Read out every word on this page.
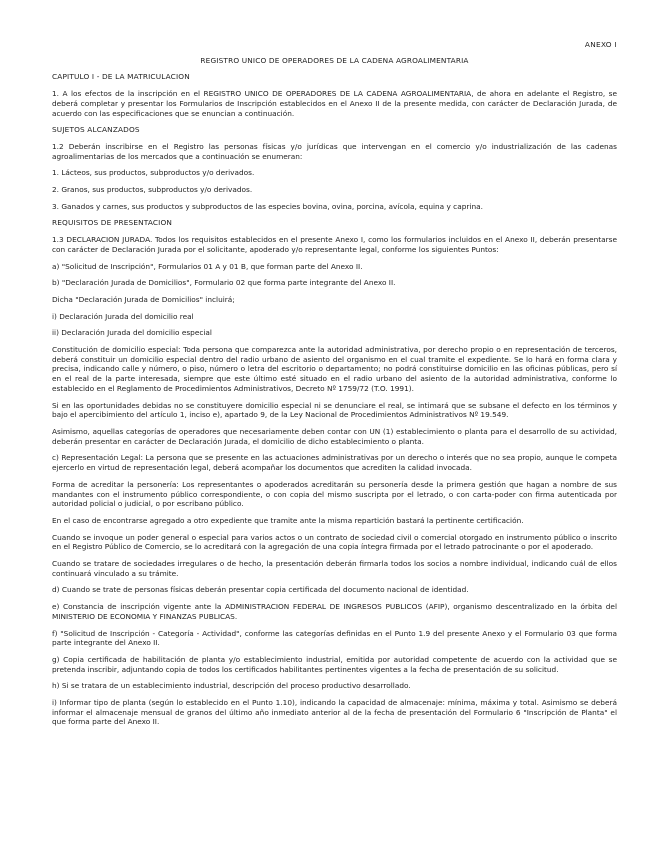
ANEXO I
REGISTRO UNICO DE OPERADORES DE LA CADENA AGROALIMENTARIA
CAPITULO I - DE LA MATRICULACION
1. A los efectos de la inscripción en el REGISTRO UNICO DE OPERADORES DE LA CADENA AGROALIMENTARIA, de ahora en adelante el Registro, se deberá completar y presentar los Formularios de Inscripción establecidos en el Anexo II de la presente medida, con carácter de Declaración Jurada, de acuerdo con las especificaciones que se enuncian a continuación.
SUJETOS ALCANZADOS
1.2 Deberán inscribirse en el Registro las personas físicas y/o jurídicas que intervengan en el comercio y/o industrialización de las cadenas agroalimentarias de los mercados que a continuación se enumeran:
1. Lácteos, sus productos, subproductos y/o derivados.
2. Granos, sus productos, subproductos y/o derivados.
3. Ganados y carnes, sus productos y subproductos de las especies bovina, ovina, porcina, avícola, equina y caprina.
REQUISITOS DE PRESENTACION
1.3 DECLARACION JURADA. Todos los requisitos establecidos en el presente Anexo I, como los formularios incluidos en el Anexo II, deberán presentarse con carácter de Declaración Jurada por el solicitante, apoderado y/o representante legal, conforme los siguientes Puntos:
a) "Solicitud de Inscripción", Formularios 01 A y 01 B, que forman parte del Anexo II.
b) "Declaración Jurada de Domicilios", Formulario 02 que forma parte integrante del Anexo II.
Dicha "Declaración Jurada de Domicilios" incluirá;
i) Declaración Jurada del domicilio real
ii) Declaración Jurada del domicilio especial
Constitución de domicilio especial: Toda persona que comparezca ante la autoridad administrativa, por derecho propio o en representación de terceros, deberá constituir un domicilio especial dentro del radio urbano de asiento del organismo en el cual tramite el expediente. Se lo hará en forma clara y precisa, indicando calle y número, o piso, número o letra del escritorio o departamento; no podrá constituirse domicilio en las oficinas públicas, pero sí en el real de la parte interesada, siempre que este último esté situado en el radio urbano del asiento de la autoridad administrativa, conforme lo establecido en el Reglamento de Procedimientos Administrativos, Decreto Nº 1759/72 (T.O. 1991).
Si en las oportunidades debidas no se constituyere domicilio especial ni se denunciare el real, se intimará que se subsane el defecto en los términos y bajo el apercibimiento del artículo 1, inciso e), apartado 9, de la Ley Nacional de Procedimientos Administrativos Nº 19.549.
Asimismo, aquellas categorías de operadores que necesariamente deben contar con UN (1) establecimiento o planta para el desarrollo de su actividad, deberán presentar en carácter de Declaración Jurada, el domicilio de dicho establecimiento o planta.
c) Representación Legal: La persona que se presente en las actuaciones administrativas por un derecho o interés que no sea propio, aunque le competa ejercerlo en virtud de representación legal, deberá acompañar los documentos que acrediten la calidad invocada.
Forma de acreditar la personería: Los representantes o apoderados acreditarán su personería desde la primera gestión que hagan a nombre de sus mandantes con el instrumento público correspondiente, o con copia del mismo suscripta por el letrado, o con carta-poder con firma autenticada por autoridad policial o judicial, o por escribano público.
En el caso de encontrarse agregado a otro expediente que tramite ante la misma repartición bastará la pertinente certificación.
Cuando se invoque un poder general o especial para varios actos o un contrato de sociedad civil o comercial otorgado en instrumento público o inscrito en el Registro Público de Comercio, se lo acreditará con la agregación de una copia íntegra firmada por el letrado patrocinante o por el apoderado.
Cuando se tratare de sociedades irregulares o de hecho, la presentación deberán firmarla todos los socios a nombre individual, indicando cuál de ellos continuará vinculado a su trámite.
d) Cuando se trate de personas físicas deberán presentar copia certificada del documento nacional de identidad.
e) Constancia de inscripción vigente ante la ADMINISTRACION FEDERAL DE INGRESOS PUBLICOS (AFIP), organismo descentralizado en la órbita del MINISTERIO DE ECONOMIA Y FINANZAS PUBLICAS.
f) "Solicitud de Inscripción - Categoría - Actividad", conforme las categorías definidas en el Punto 1.9 del presente Anexo y el Formulario 03 que forma parte integrante del Anexo II.
g) Copia certificada de habilitación de planta y/o establecimiento industrial, emitida por autoridad competente de acuerdo con la actividad que se pretenda inscribir, adjuntando copia de todos los certificados habilitantes pertinentes vigentes a la fecha de presentación de su solicitud.
h) Si se tratara de un establecimiento industrial, descripción del proceso productivo desarrollado.
i) Informar tipo de planta (según lo establecido en el Punto 1.10), indicando la capacidad de almacenaje: mínima, máxima y total. Asimismo se deberá informar el almacenaje mensual de granos del último año inmediato anterior al de la fecha de presentación del Formulario 6 "Inscripción de Planta" el que forma parte del Anexo II.
